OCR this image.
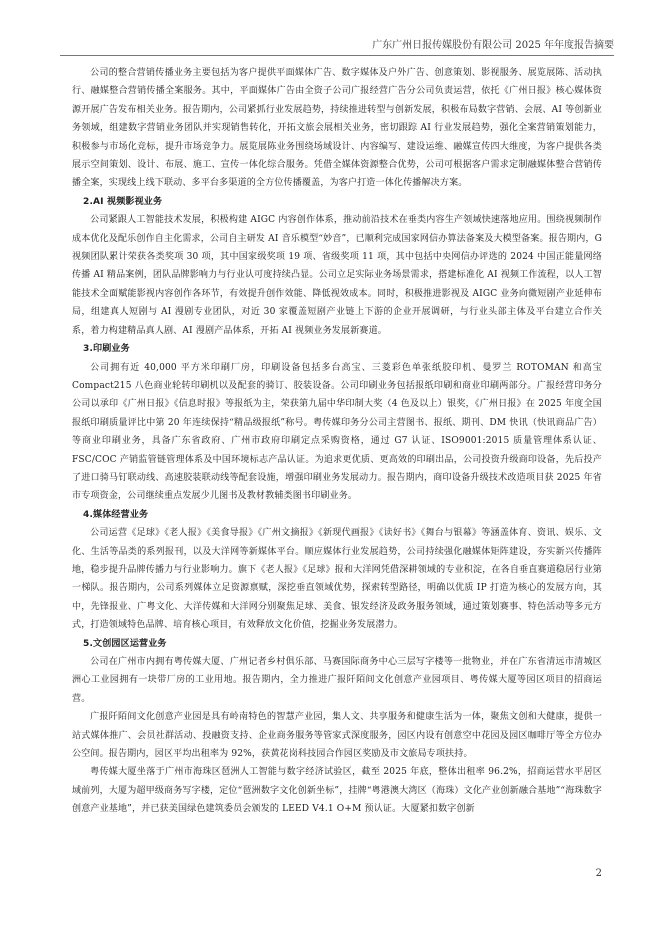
广东广州日报传媒股份有限公司 2025 年年度报告摘要

公司的整合营销传播业务主要包括为客户提供平面媒体广告、数字媒体及户外广告、创意策划、影视服务、展览展陈、活动执行、融媒整合营销传播全案服务。其中，平面媒体广告由全资子公司广报经营广告分公司负责运营，依托《广州日报》核心媒体资源开展广告发布相关业务。报告期内，公司紧抓行业发展趋势，持续推进转型与创新发展，积极布局数字营销、会展、AI 等创新业务领域，组建数字营销业务团队并实现销售转化，开拓文旅会展相关业务，密切跟踪 AI 行业发展趋势，强化全案营销策划能力，积极参与市场化竞标，提升市场竞争力。展览展陈业务围绕场域设计、内容编写、建设运维、融媒宣传四大维度，为客户提供各类展示空间策划、设计、布展、施工、宣传一体化综合服务。凭借全媒体资源整合优势，公司可根据客户需求定制融媒体整合营销传播全案，实现线上线下联动、多平台多渠道的全方位传播覆盖，为客户打造一体化传播解决方案。

2.AI 视频影视业务

公司紧跟人工智能技术发展，积极构建 AIGC 内容创作体系，推动前沿技术在垂类内容生产领域快速落地应用。围绕视频制作成本优化及配乐创作自主化需求，公司自主研发 AI 音乐模型“妙音”，已顺利完成国家网信办算法备案及大模型备案。报告期内，G 视频团队累计荣获各类奖项 30 项，其中国家级奖项 19 项、省级奖项 11 项，其中包括中央网信办评选的 2024 中国正能量网络传播 AI 精品案例，团队品牌影响力与行业认可度持续凸显。公司立足实际业务场景需求，搭建标准化 AI 视频工作流程，以人工智能技术全面赋能影视内容创作各环节，有效提升创作效能、降低视效成本。同时，积极推进影视及 AIGC 业务向微短剧产业延伸布局，组建真人短剧与 AI 漫剧专业团队，对近 30 家覆盖短剧产业链上下游的企业开展调研，与行业头部主体及平台建立合作关系，着力构建精品真人剧、AI 漫剧产品体系，开拓 AI 视频业务发展新赛道。

3.印刷业务

公司拥有近 40,000 平方米印刷厂房，印刷设备包括多台高宝、三菱彩色单张纸胶印机、曼罗兰 ROTOMAN 和高宝 Compact215 八色商业轮转印刷机以及配套的骑订、胶装设备。公司印刷业务包括报纸印刷和商业印刷两部分。广报经营印务分公司以承印《广州日报》《信息时报》等报纸为主，荣获第九届中华印制大奖（4 色及以上）银奖，《广州日报》在 2025 年度全国报纸印刷质量评比中第 20 年连续保持“精品级报纸”称号。粤传媒印务分公司主营图书、报纸、期刊、DM 快讯（快讯商品广告）等商业印刷业务，具备广东省政府、广州市政府印刷定点采购资格，通过 G7 认证、ISO9001:2015 质量管理体系认证、FSC/COC 产销监管链管理体系及中国环境标志产品认证。为追求更优质、更高效的印刷出品，公司投资升级商印设备，先后投产了进口骑马钉联动线、高速胶装联动线等配套设施，增强印刷业务发展动力。报告期内，商印设备升级技术改造项目获 2025 年省市专项资金，公司继续重点发展少儿图书及教材教辅类图书印刷业务。

4.媒体经营业务

公司运营《足球》《老人报》《美食导报》《广州文摘报》《新现代画报》《读好书》《舞台与银幕》等涵盖体育、资讯、娱乐、文化、生活等品类的系列报刊，以及大洋网等新媒体平台。顺应媒体行业发展趋势，公司持续强化融媒体矩阵建设，夯实新兴传播阵地，稳步提升品牌传播力与行业影响力。旗下《老人报》《足球》报和大洋网凭借深耕领域的专业积淀，在各自垂直赛道稳居行业第一梯队。报告期内，公司系列媒体立足资源禀赋，深挖垂直领域优势，探索转型路径，明确以优质 IP 打造为核心的发展方向，其中，先锋报业、广粤文化、大洋传媒和大洋网分别聚焦足球、美食、银发经济及政务服务领域，通过策划赛事、特色活动等多元方式，打造领域特色品牌、培育核心项目，有效释放文化价值，挖掘业务发展潜力。

5.文创园区运营业务

公司在广州市内拥有粤传媒大厦、广州记者乡村俱乐部、马赛国际商务中心三层写字楼等一批物业，并在广东省清远市清城区洲心工业园拥有一块带厂房的工业用地。报告期内，全力推进广报阡陌间文化创意产业园项目、粤传媒大厦等园区项目的招商运营。

广报阡陌间文化创意产业园是具有岭南特色的智慧产业园，集人文、共享服务和健康生活为一体，聚焦文创和大健康，提供一站式媒体推广、会员社群活动、投融资支持、企业商务服务等管家式深度服务，园区内设有创意空中花园及园区咖啡厅等全方位办公空间。报告期内，园区平均出租率为 92%，获黄花岗科技园合作园区奖励及市文旅局专项扶持。

粤传媒大厦坐落于广州市海珠区琶洲人工智能与数字经济试验区，截至 2025 年底，整体出租率 96.2%，招商运营水平居区域前列，大厦为超甲级商务写字楼，定位“琶洲数字文化创新坐标”，挂牌“粤港澳大湾区（海珠）文化产业创新融合基地”“海珠数字创意产业基地”，并已获美国绿色建筑委员会颁发的 LEED V4.1 O+M 预认证。大厦紧扣数字创新

2
